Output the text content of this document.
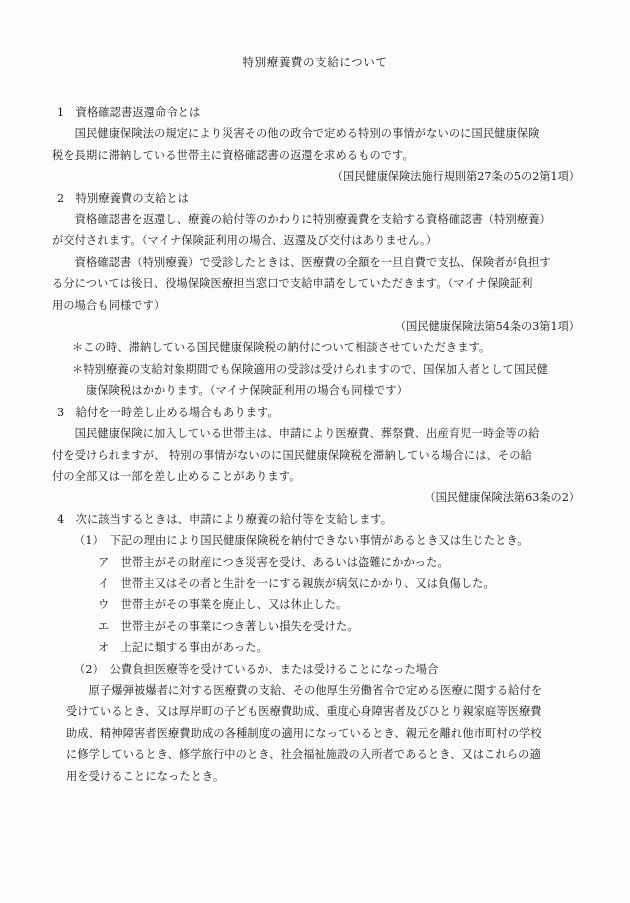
特別療養費の支給について

1　 資格確認書返還命令とは

　　国民健康保険法の規定により災害その他の政令で定める特別の事情がないのに国民健康保険

税を長期に滞納している世帯主に資格確認書の返還を求めるものです。

（国民健康保険法施行規則第27条の5の2第1項）

2　 特別療養費の支給とは

　　資格確認書を返還し、療養の給付等のかわりに特別療養費を支給する資格確認書（特別療養）

が交付されます。（マイナ保険証利用の場合、返還及び交付はありません。）

　　資格確認書（特別療養）で受診したときは、医療費の全額を一旦自費で支払、保険者が負担す

る分については後日、役場保険医療担当窓口で支給申請をしていただきます。（マイナ保険証利

用の場合も同様です）

（国民健康保険法第54条の3第1項）

＊この時、滞納している国民健康保険税の納付について相談させていただきます。

＊特別療養の支給対象期間でも保険適用の受診は受けられますので、国保加入者として国民健

康保険税はかかります。（マイナ保険証利用の場合も同様です）

3　 給付を一時差し止める場合もあります。

　　国民健康保険に加入している世帯主は、申請により医療費、葬祭費、出産育児一時金等の給

付を受けられますが、 特別の事情がないのに国民健康保険税を滞納している場合には、その給

付の全部又は一部を差し止めることがあります。

（国民健康保険法第63条の2）

4　 次に該当するときは、申請により療養の給付等を支給します。

（1）　 下記の理由により国民健康保険税を納付できない事情があるとき又は生じたとき。

ア　 世帯主がその財産につき災害を受け、あるいは盗難にかかった。

イ　 世帯主又はその者と生計を一にする親族が病気にかかり、又は負傷した。

ウ　 世帯主がその事業を廃止し、又は休止した。

エ　 世帯主がその事業につき著しい損失を受けた。

オ　 上記に類する事由があった。

（2）　 公費負担医療等を受けているか、または受けることになった場合

　　原子爆弾被爆者に対する医療費の支給、その他厚生労働省令で定める医療に関する給付を

受けているとき、又は厚岸町の子ども医療費助成、重度心身障害者及びひとり親家庭等医療費

助成、精神障害者医療費助成の各種制度の適用になっているとき、親元を離れ他市町村の学校

に修学しているとき、修学旅行中のとき、社会福祉施設の入所者であるとき、又はこれらの適

用を受けることになったとき。
